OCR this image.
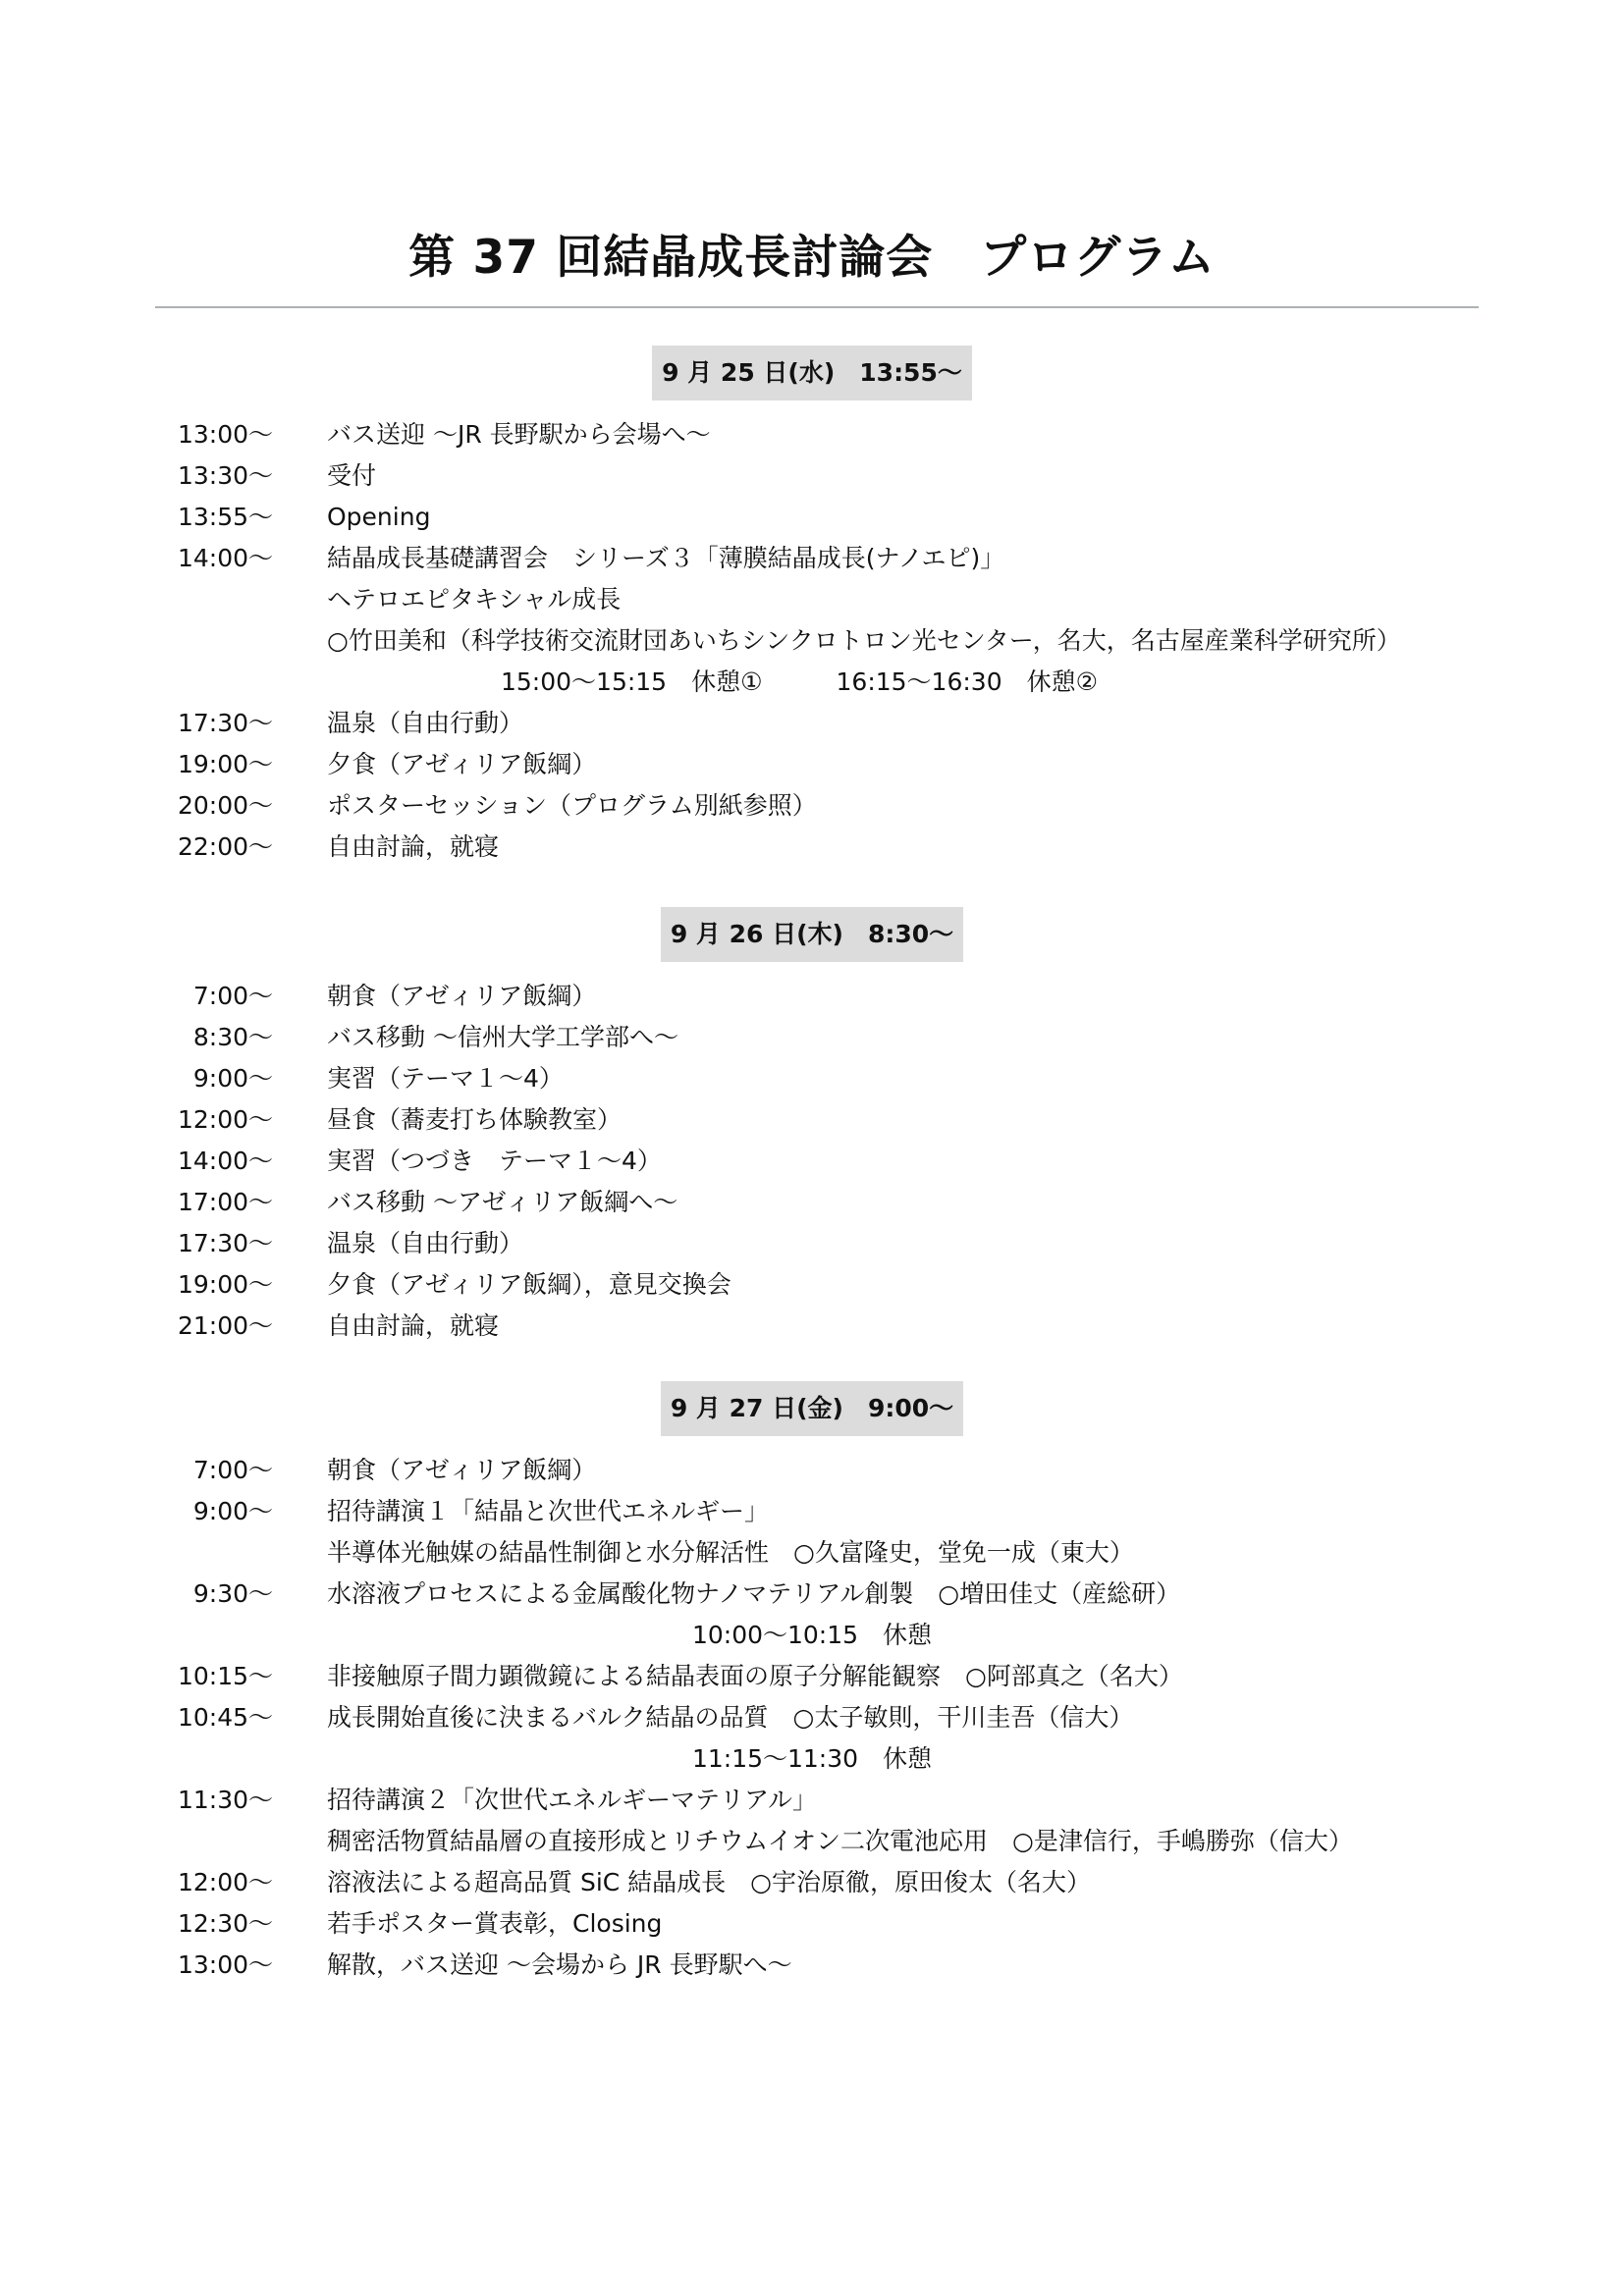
第 37 回結晶成長討論会　プログラム
9 月 25 日(水)　13:55〜
13:00〜 バス送迎 〜JR 長野駅から会場へ〜
13:30〜 受付
13:55〜 Opening
14:00〜 結晶成長基礎講習会　シリーズ３「薄膜結晶成長(ナノエピ)」
ヘテロエピタキシャル成長
○竹田美和（科学技術交流財団あいちシンクロトロン光センター，名大，名古屋産業科学研究所）
15:00〜15:15　休憩①　　　16:15〜16:30　休憩②
17:30〜 温泉（自由行動）
19:00〜 夕食（アゼィリア飯綱）
20:00〜 ポスターセッション（プログラム別紙参照）
22:00〜 自由討論，就寝
9 月 26 日(木)　8:30〜
7:00〜 朝食（アゼィリア飯綱）
8:30〜 バス移動 〜信州大学工学部へ〜
9:00〜 実習（テーマ１〜4）
12:00〜 昼食（蕎麦打ち体験教室）
14:00〜 実習（つづき　テーマ１〜4）
17:00〜 バス移動 〜アゼィリア飯綱へ〜
17:30〜 温泉（自由行動）
19:00〜 夕食（アゼィリア飯綱），意見交換会
21:00〜 自由討論，就寝
9 月 27 日(金)　9:00〜
7:00〜 朝食（アゼィリア飯綱）
9:00〜 招待講演１「結晶と次世代エネルギー」
半導体光触媒の結晶性制御と水分解活性　○久富隆史，堂免一成（東大）
9:30〜 水溶液プロセスによる金属酸化物ナノマテリアル創製　○増田佳丈（産総研）
10:00〜10:15　休憩
10:15〜 非接触原子間力顕微鏡による結晶表面の原子分解能観察　○阿部真之（名大）
10:45〜 成長開始直後に決まるバルク結晶の品質　○太子敏則，干川圭吾（信大）
11:15〜11:30　休憩
11:30〜 招待講演２「次世代エネルギーマテリアル」
稠密活物質結晶層の直接形成とリチウムイオン二次電池応用　○是津信行，手嶋勝弥（信大）
12:00〜 溶液法による超高品質 SiC 結晶成長　○宇治原徹，原田俊太（名大）
12:30〜 若手ポスター賞表彰，Closing
13:00〜 解散，バス送迎 〜会場から JR 長野駅へ〜
